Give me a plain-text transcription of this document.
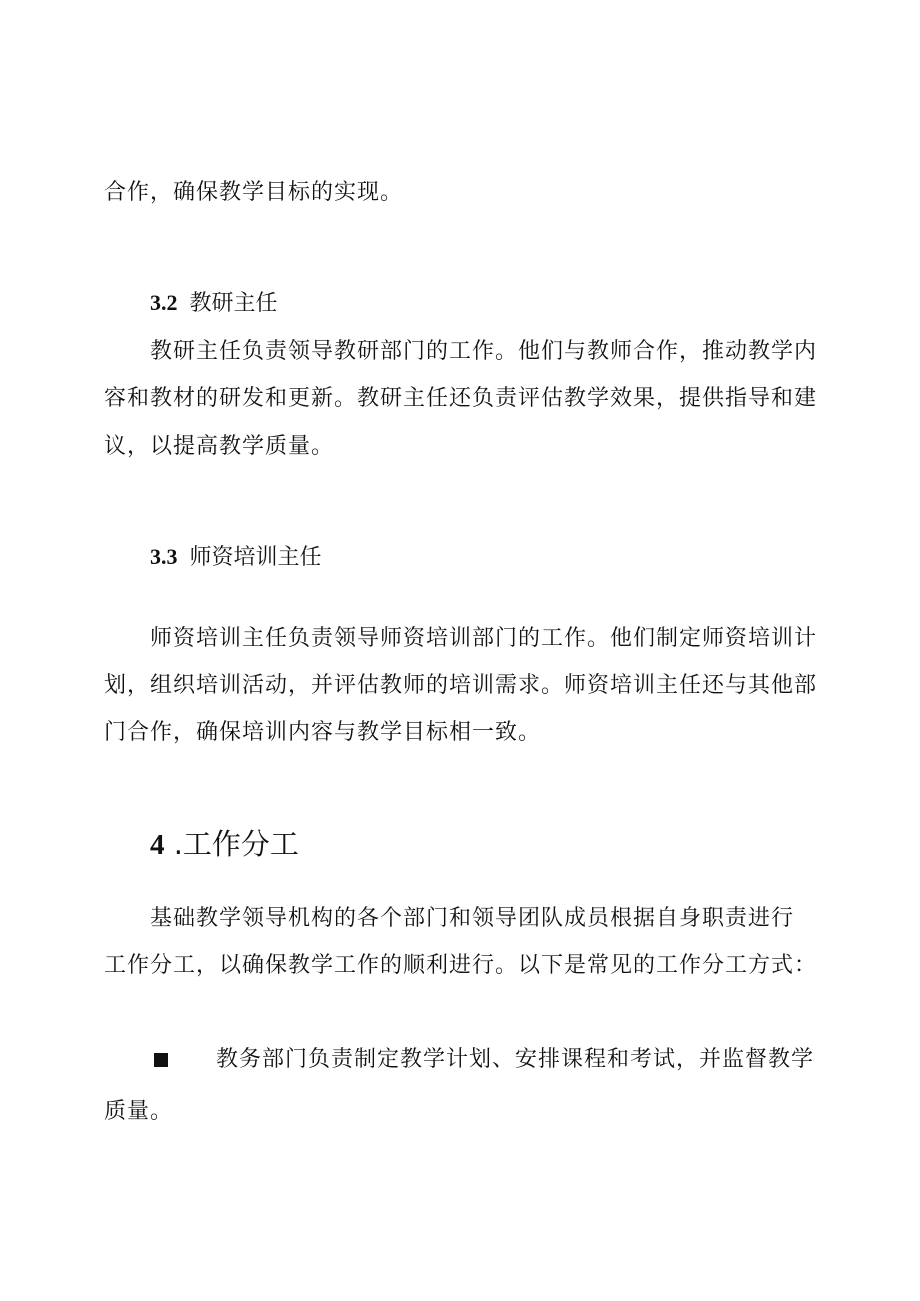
合作，确保教学目标的实现。
3.2 教研主任
教研主任负责领导教研部门的工作。他们与教师合作，推动教学内
容和教材的研发和更新。教研主任还负责评估教学效果，提供指导和建
议，以提高教学质量。
3.3 师资培训主任
师资培训主任负责领导师资培训部门的工作。他们制定师资培训计
划，组织培训活动，并评估教师的培训需求。师资培训主任还与其他部
门合作，确保培训内容与教学目标相一致。
4 .工作分工
基础教学领导机构的各个部门和领导团队成员根据自身职责进行
工作分工，以确保教学工作的顺利进行。以下是常见的工作分工方式：
教务部门负责制定教学计划、安排课程和考试，并监督教学
质量。
